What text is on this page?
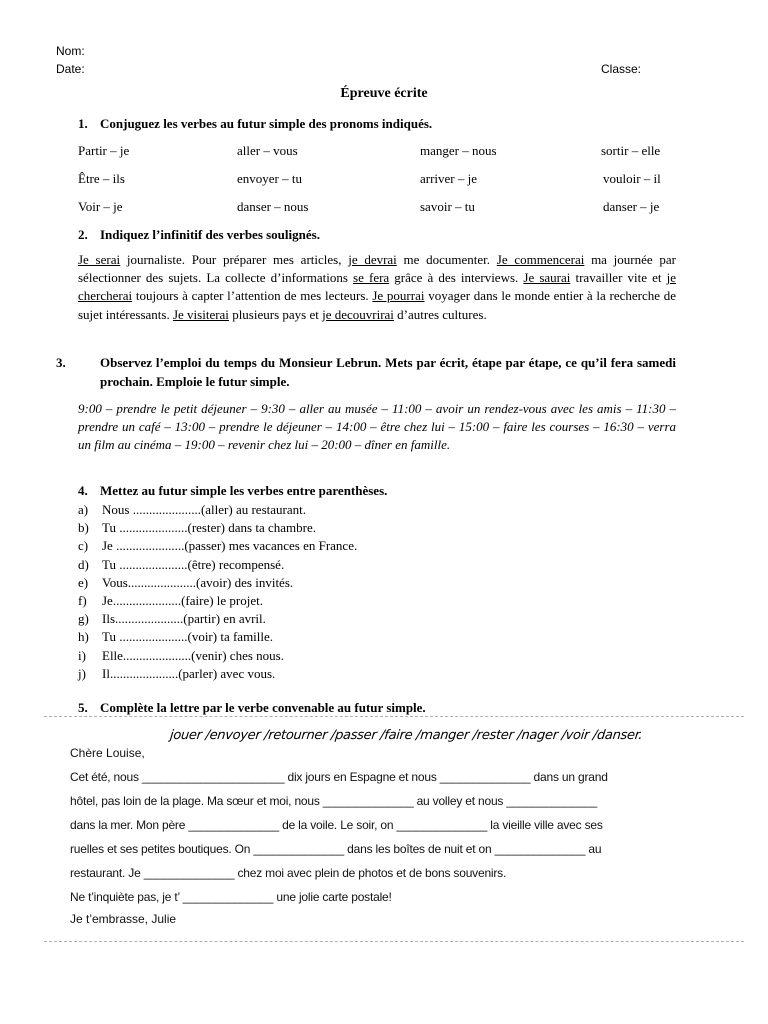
Nom:
Date:	Classe:
Épreuve écrite
1. Conjuguez les verbes au futur simple des pronoms indiqués.
Partir – je	aller – vous	manger – nous	sortir – elle
Être – ils	envoyer – tu	arriver – je	vouloir – il
Voir – je	danser – nous	savoir – tu	danser – je
2. Indiquez l’infinitif des verbes soulignés.
Je serai journaliste. Pour préparer mes articles, je devrai me documenter. Je commencerai ma journée par sélectionner des sujets. La collecte d’informations se fera grâce à des interviews. Je saurai travailler vite et je chercherai toujours à capter l’attention de mes lecteurs. Je pourrai voyager dans le monde entier à la recherche de sujet intéressants. Je visiterai plusieurs pays et je decouvrirai d’autres cultures.
3.	Observez l’emploi du temps du Monsieur Lebrun. Mets par écrit, étape par étape, ce qu’il fera samedi prochain. Emploie le futur simple.
9:00 – prendre le petit déjeuner – 9:30 – aller au musée – 11:00 – avoir un rendez-vous avec les amis – 11:30 – prendre un café – 13:00 – prendre le déjeuner – 14:00 – être chez lui – 15:00 – faire les courses – 16:30 – verra un film au cinéma – 19:00 – revenir chez lui – 20:00 – dîner en famille.
4. Mettez au futur simple les verbes entre parenthèses.
a) Nous .....................(aller) au restaurant.
b) Tu .....................(rester) dans ta chambre.
c) Je .....................(passer) mes vacances en France.
d) Tu .....................(être) recompensé.
e) Vous.....................(avoir) des invités.
f) Je.....................(faire) le projet.
g) Ils.....................(partir) en avril.
h) Tu .....................(voir) ta famille.
i) Elle.....................(venir) ches nous.
j) Il.....................(parler) avec vous.
5. Complète la lettre par le verbe convenable au futur simple.
jouer /envoyer /retourner /passer /faire /manger /rester /nager /voir /danser.
Chère Louise,
Cet été, nous ______________________ dix jours en Espagne et nous ______________ dans un grand
hôtel, pas loin de la plage. Ma sœur et moi, nous ______________ au volley et nous ______________
dans la mer. Mon père ______________ de la voile. Le soir, on ______________ la vieille ville avec ses
ruelles et ses petites boutiques. On ______________ dans les boîtes de nuit et on ______________ au
restaurant. Je ______________ chez moi avec plein de photos et de bons souvenirs.
Ne t’inquiète pas, je t’ ______________ une jolie carte postale!
Je t’embrasse, Julie
